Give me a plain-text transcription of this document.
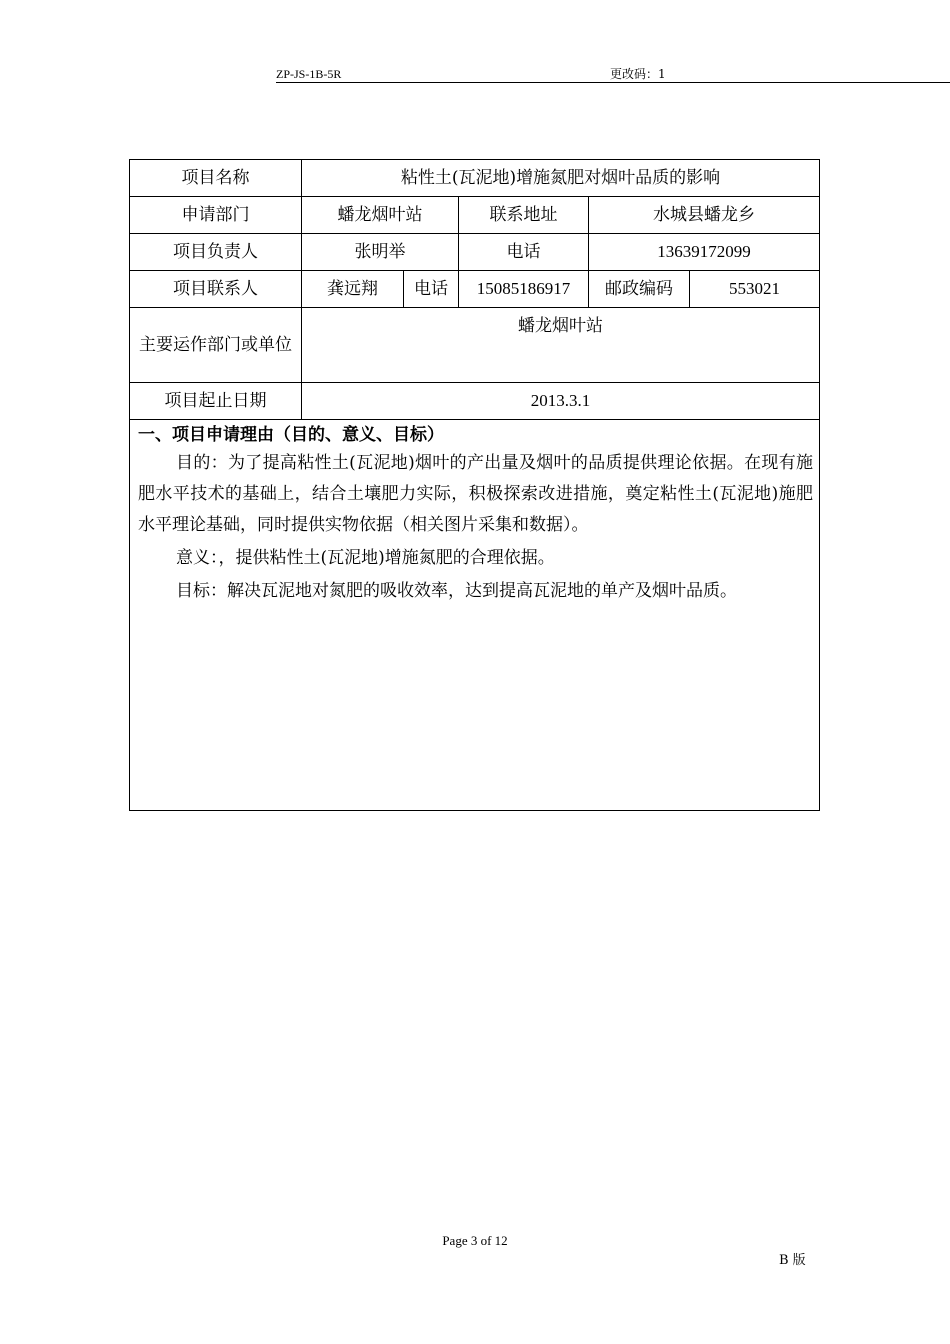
ZP-JS-1B-5R	更改码：1
项目名称	粘性土(瓦泥地)增施氮肥对烟叶品质的影响				
申请部门	蟠龙烟叶站		联系地址	水城县蟠龙乡	
项目负责人	张明举		电话	13639172099	
项目联系人	龚远翔	电话	15085186917	邮政编码	553021
主要运作部门或单位	蟠龙烟叶站				
项目起止日期	2013.3.1				

一、项目申请理由（目的、意义、目标）

目的：为了提高粘性土(瓦泥地)烟叶的产出量及烟叶的品质提供理论依据。在现有施肥水平技术的基础上，结合土壤肥力实际，积极探索改进措施，奠定粘性土(瓦泥地)施肥水平理论基础，同时提供实物依据（相关图片采集和数据）。

意义：，提供粘性土(瓦泥地)增施氮肥的合理依据。

目标：解决瓦泥地对氮肥的吸收效率，达到提高瓦泥地的单产及烟叶品质。					

Page 3 of 12
B 版
